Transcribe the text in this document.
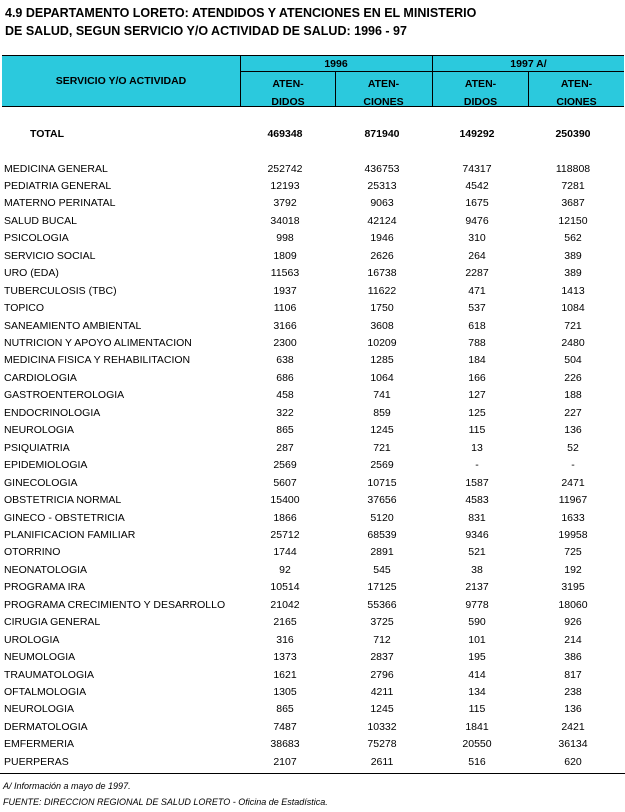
4.9 DEPARTAMENTO LORETO: ATENDIDOS Y ATENCIONES EN EL MINISTERIO
DE SALUD, SEGUN SERVICIO Y/O ACTIVIDAD DE SALUD: 1996 - 97
SERVICIO Y/O ACTIVIDAD
1996	1997 A/
ATEN-
DIDOS
ATEN-
CIONES
ATEN-
DIDOS
ATEN-
CIONES
TOTAL	469348	871940	149292	250390
MEDICINA GENERAL	252742	436753	74317	118808
PEDIATRIA GENERAL	12193	25313	4542	7281
MATERNO PERINATAL	3792	9063	1675	3687
SALUD BUCAL	34018	42124	9476	12150
PSICOLOGIA	998	1946	310	562
SERVICIO SOCIAL	1809	2626	264	389
URO (EDA)	11563	16738	2287	389
TUBERCULOSIS (TBC)	1937	11622	471	1413
TOPICO	1106	1750	537	1084
SANEAMIENTO AMBIENTAL	3166	3608	618	721
NUTRICION Y APOYO ALIMENTACION	2300	10209	788	2480
MEDICINA FISICA Y REHABILITACION	638	1285	184	504
CARDIOLOGIA	686	1064	166	226
GASTROENTEROLOGIA	458	741	127	188
ENDOCRINOLOGIA	322	859	125	227
NEUROLOGIA	865	1245	115	136
PSIQUIATRIA	287	721	13	52
EPIDEMIOLOGIA	2569	2569	-	-
GINECOLOGIA	5607	10715	1587	2471
OBSTETRICIA NORMAL	15400	37656	4583	11967
GINECO - OBSTETRICIA	1866	5120	831	1633
PLANIFICACION FAMILIAR	25712	68539	9346	19958
OTORRINO	1744	2891	521	725
NEONATOLOGIA	92	545	38	192
PROGRAMA IRA	10514	17125	2137	3195
PROGRAMA CRECIMIENTO Y DESARROLLO	21042	55366	9778	18060
CIRUGIA GENERAL	2165	3725	590	926
UROLOGIA	316	712	101	214
NEUMOLOGIA	1373	2837	195	386
TRAUMATOLOGIA	1621	2796	414	817
OFTALMOLOGIA	1305	4211	134	238
NEUROLOGIA	865	1245	115	136
DERMATOLOGIA	7487	10332	1841	2421
EMFERMERIA	38683	75278	20550	36134
PUERPERAS	2107	2611	516	620
A/ Información a mayo de 1997.
FUENTE: DIRECCION REGIONAL DE SALUD LORETO - Oficina de Estadística.
